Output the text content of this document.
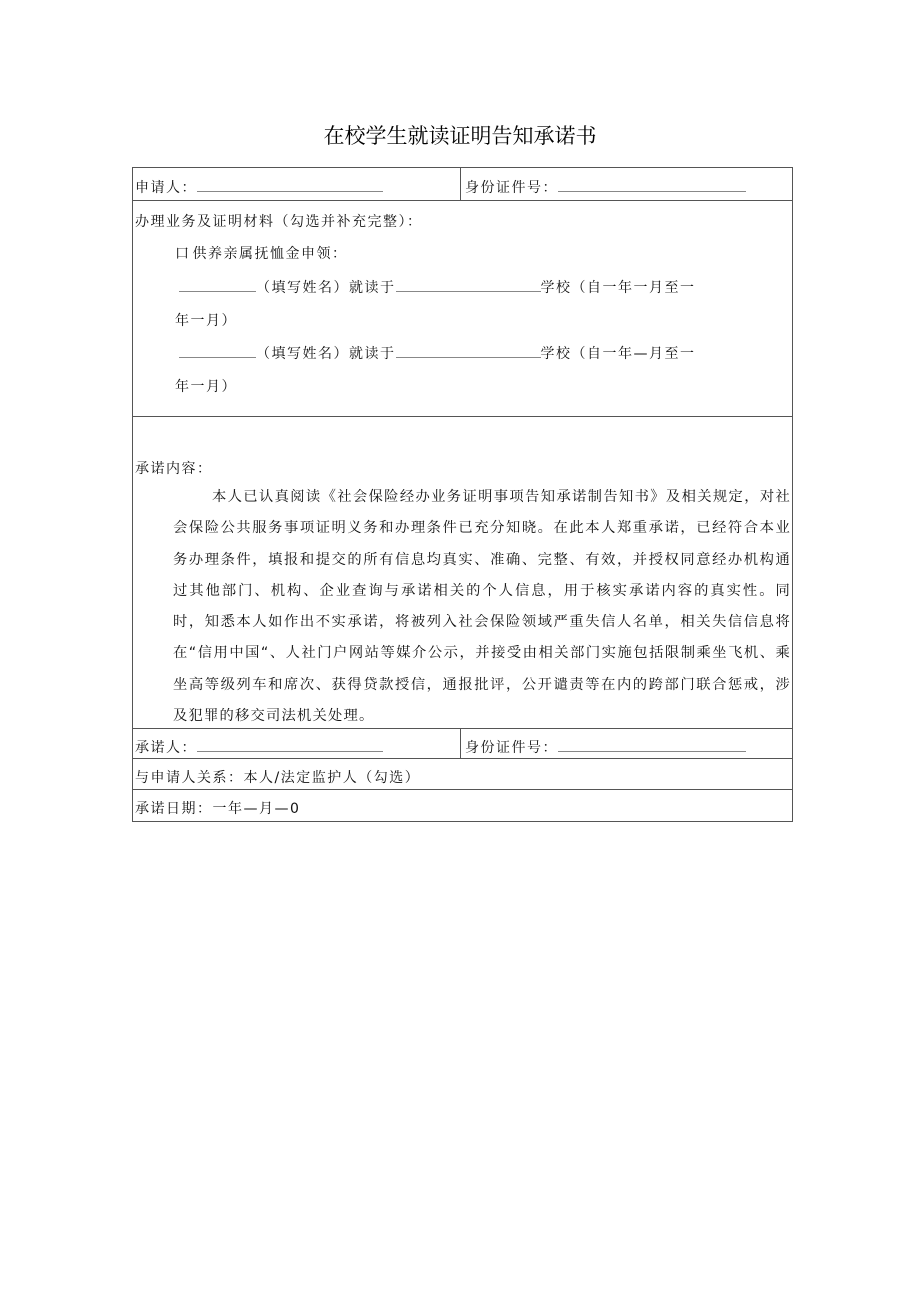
在校学生就读证明告知承诺书
申请人：	身份证件号：
办理业务及证明材料（勾选并补充完整）：
口 供养亲属抚恤金申领：
（填写姓名）就读于	学校（自一年一月至一
年一月）
（填写姓名）就读于	学校（自一年—月至一
年一月）
承诺内容：
本人已认真阅读《社会保险经办业务证明事项告知承诺制告知书》及相关规定，对社会保险公共服务事项证明义务和办理条件已充分知晓。在此本人郑重承诺，已经符合本业务办理条件，填报和提交的所有信息均真实、准确、完整、有效，并授权同意经办机构通过其他部门、机构、企业查询与承诺相关的个人信息，用于核实承诺内容的真实性。同时，知悉本人如作出不实承诺，将被列入社会保险领域严重失信人名单，相关失信信息将在“信用中国“、人社门户网站等媒介公示，并接受由相关部门实施包括限制乘坐飞机、乘坐高等级列车和席次、获得贷款授信，通报批评，公开谴责等在内的跨部门联合惩戒，涉及犯罪的移交司法机关处理。
承诺人：	身份证件号：
与申请人关系：本人/法定监护人（勾选）
承诺日期：一年—月—0
